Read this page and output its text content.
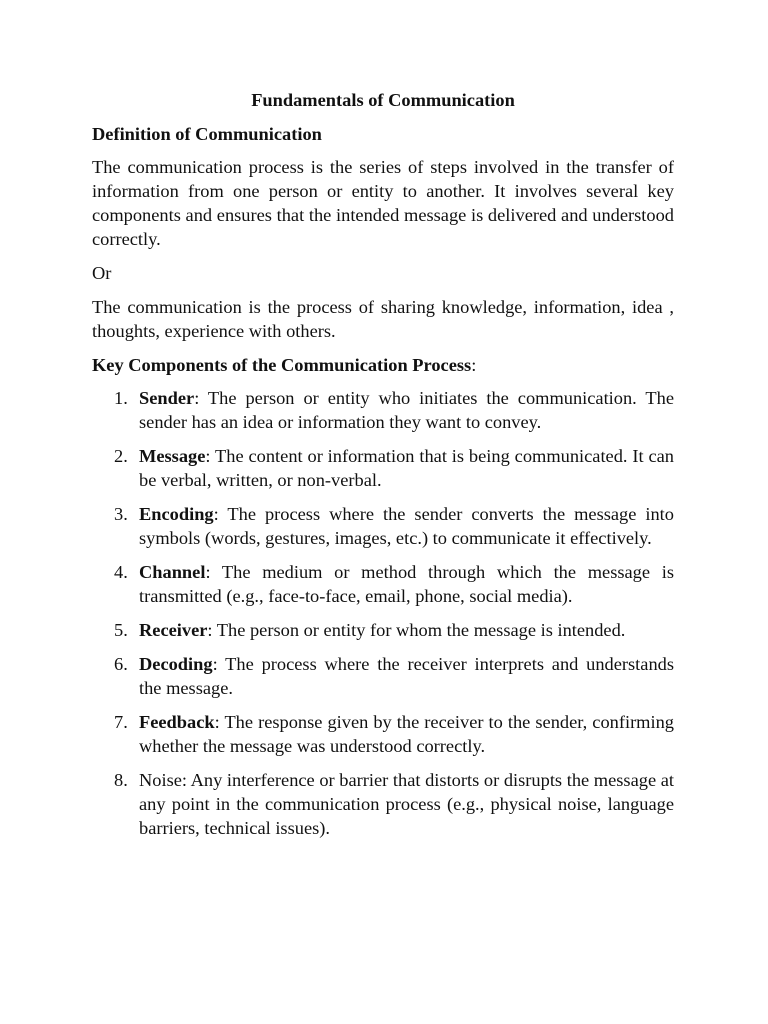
Fundamentals of Communication
Definition of Communication
The communication process is the series of steps involved in the transfer of information from one person or entity to another. It involves several key components and ensures that the intended message is delivered and understood correctly.
Or
The communication is the process of sharing knowledge, information, idea , thoughts, experience with others.
Key Components of the Communication Process:
1. Sender: The person or entity who initiates the communication. The sender has an idea or information they want to convey.
2. Message: The content or information that is being communicated. It can be verbal, written, or non-verbal.
3. Encoding: The process where the sender converts the message into symbols (words, gestures, images, etc.) to communicate it effectively.
4. Channel: The medium or method through which the message is transmitted (e.g., face-to-face, email, phone, social media).
5. Receiver: The person or entity for whom the message is intended.
6. Decoding: The process where the receiver interprets and understands the message.
7. Feedback: The response given by the receiver to the sender, confirming whether the message was understood correctly.
8. Noise: Any interference or barrier that distorts or disrupts the message at any point in the communication process (e.g., physical noise, language barriers, technical issues).
